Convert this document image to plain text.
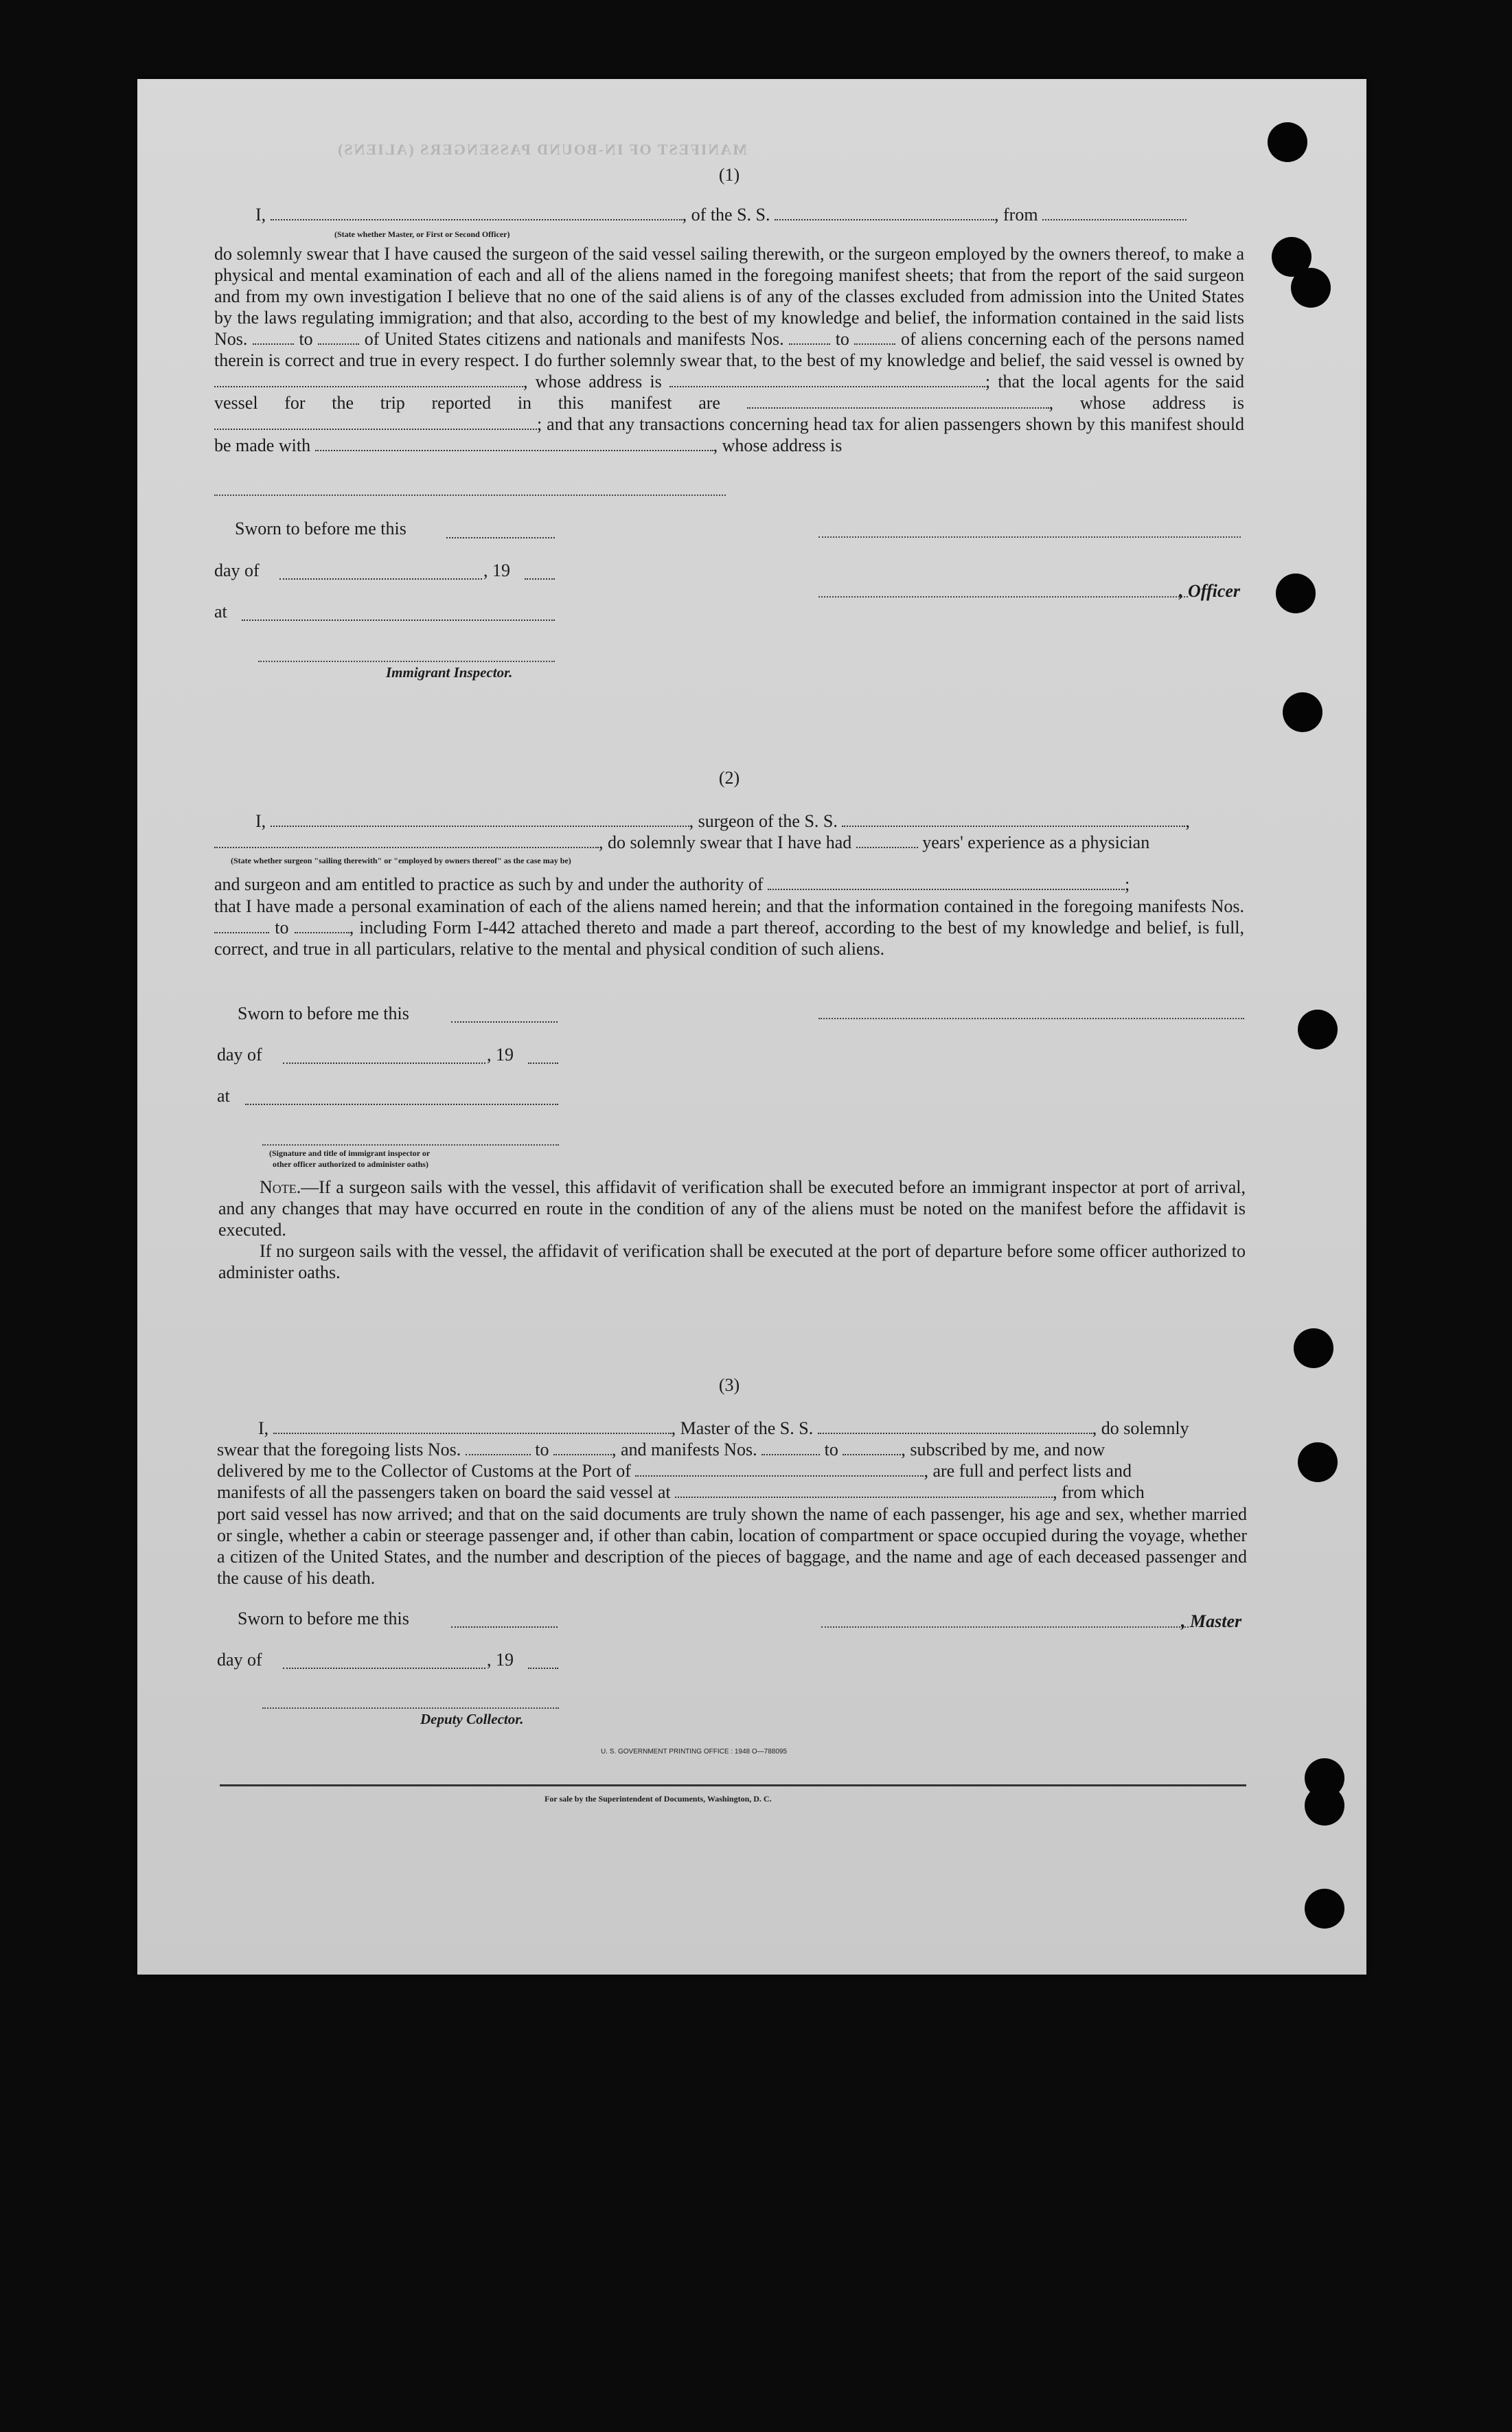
MANIFEST OF IN-BOUND PASSENGERS (ALIENS)
(1)
I,	, of the S. S.	, from
(State whether Master, or First or Second Officer)
do solemnly swear that I have caused the surgeon of the said vessel sailing therewith, or the surgeon employed by the owners thereof, to make a physical and mental examination of each and all of the aliens named in the foregoing manifest sheets; that from the report of the said surgeon and from my own investigation I believe that no one of the said aliens is of any of the classes excluded from admission into the United States by the laws regulating immigration; and that also, according to the best of my knowledge and belief, the information contained in the said lists Nos.	to	of United States citizens and nationals and manifests Nos.	to	of aliens concerning each of the persons named therein is correct and true in every respect. I do further solemnly swear that, to the best of my knowledge and belief, the said vessel is owned by , whose address is	; that the local agents for the said vessel for the trip reported in this manifest are	, whose address is ; and that any transactions concerning head tax for alien passengers shown by this manifest should be made with	, whose address is
Sworn to before me this
day of	, 19
, Officer
at
Immigrant Inspector.
(2)
I,	, surgeon of the S. S.	,
, do solemnly swear that I have had	years' experience as a physician
(State whether surgeon "sailing therewith" or "employed by owners thereof" as the case may be)
and surgeon and am entitled to practice as such by and under the authority of	;
that I have made a personal examination of each of the aliens named herein; and that the information contained in the foregoing manifests Nos.  to	, including Form I-442 attached thereto and made a part thereof, according to the best of my knowledge and belief, is full, correct, and true in all particulars, relative to the mental and physical condition of such aliens.
Sworn to before me this
day of	, 19
at
(Signature and title of immigrant inspector or
other officer authorized to administer oaths)
Note.—If a surgeon sails with the vessel, this affidavit of verification shall be executed before an immigrant inspector at port of arrival, and any changes that may have occurred en route in the condition of any of the aliens must be noted on the manifest before the affidavit is executed.
If no surgeon sails with the vessel, the affidavit of verification shall be executed at the port of departure before some officer authorized to administer oaths.
(3)
I,	, Master of the S. S.	, do solemnly
swear that the foregoing lists Nos.	to	, and manifests Nos.	to	, subscribed by me, and now
delivered by me to the Collector of Customs at the Port of	, are full and perfect lists and
manifests of all the passengers taken on board the said vessel at	, from which
port said vessel has now arrived; and that on the said documents are truly shown the name of each passenger, his age and sex, whether married or single, whether a cabin or steerage passenger and, if other than cabin, location of compartment or space occupied during the voyage, whether a citizen of the United States, and the number and description of the pieces of baggage, and the name and age of each deceased passenger and the cause of his death.
Sworn to before me this	, Master
day of	, 19
Deputy Collector.
U. S. GOVERNMENT PRINTING OFFICE : 1948 O—788095
For sale by the Superintendent of Documents, Washington, D. C.
